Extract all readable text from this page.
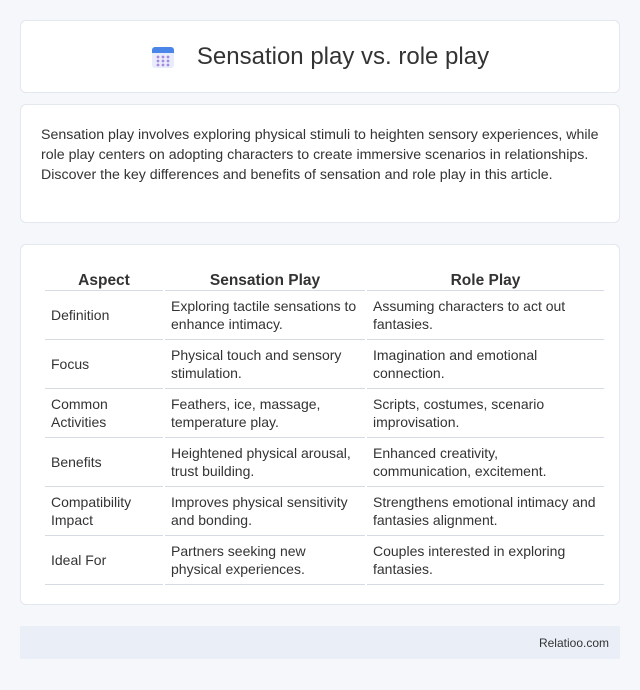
Sensation play vs. role play

Sensation play involves exploring physical stimuli to heighten sensory experiences, while role play centers on adopting characters to create immersive scenarios in relationships. Discover the key differences and benefits of sensation and role play in this article.

Aspect	Sensation Play	Role Play
Definition	Exploring tactile sensations to enhance intimacy.	Assuming characters to act out fantasies.
Focus	Physical touch and sensory stimulation.	Imagination and emotional connection.
Common Activities	Feathers, ice, massage, temperature play.	Scripts, costumes, scenario improvisation.
Benefits	Heightened physical arousal, trust building.	Enhanced creativity, communication, excitement.
Compatibility Impact	Improves physical sensitivity and bonding.	Strengthens emotional intimacy and fantasies alignment.
Ideal For	Partners seeking new physical experiences.	Couples interested in exploring fantasies.
Relatioo.com
